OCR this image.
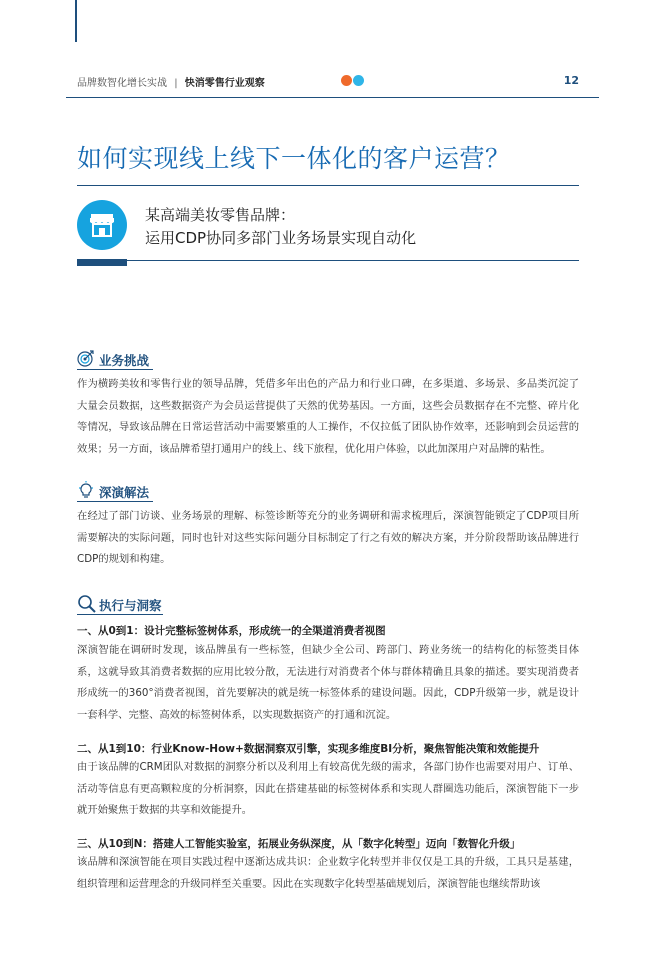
品牌数智化增长实战 | 快消零售行业观察	12
如何实现线上线下一体化的客户运营？
某高端美妆零售品牌：
运用CDP协同多部门业务场景实现自动化
业务挑战
作为横跨美妆和零售行业的领导品牌，凭借多年出色的产品力和行业口碑，在多渠道、多场景、多品类沉淀了大量会员数据，这些数据资产为会员运营提供了天然的优势基因。一方面，这些会员数据存在不完整、碎片化等情况，导致该品牌在日常运营活动中需要繁重的人工操作，不仅拉低了团队协作效率，还影响到会员运营的效果；另一方面，该品牌希望打通用户的线上、线下旅程，优化用户体验，以此加深用户对品牌的粘性。
深演解法
在经过了部门访谈、业务场景的理解、标签诊断等充分的业务调研和需求梳理后，深演智能锁定了CDP项目所需要解决的实际问题，同时也针对这些实际问题分目标制定了行之有效的解决方案，并分阶段帮助该品牌进行CDP的规划和构建。
执行与洞察
一、从0到1：设计完整标签树体系，形成统一的全渠道消费者视图
深演智能在调研时发现，该品牌虽有一些标签，但缺少全公司、跨部门、跨业务统一的结构化的标签类目体系，这就导致其消费者数据的应用比较分散，无法进行对消费者个体与群体精确且具象的描述。要实现消费者形成统一的360°消费者视图，首先要解决的就是统一标签体系的建设问题。因此，CDP升级第一步，就是设计一套科学、完整、高效的标签树体系，以实现数据资产的打通和沉淀。
二、从1到10：行业Know-How+数据洞察双引擎，实现多维度BI分析，聚焦智能决策和效能提升
由于该品牌的CRM团队对数据的洞察分析以及利用上有较高优先级的需求，各部门协作也需要对用户、订单、活动等信息有更高颗粒度的分析洞察，因此在搭建基础的标签树体系和实现人群圈选功能后，深演智能下一步就开始聚焦于数据的共享和效能提升。
三、从10到N：搭建人工智能实验室，拓展业务纵深度，从「数字化转型」迈向「数智化升级」
该品牌和深演智能在项目实践过程中逐渐达成共识：企业数字化转型并非仅仅是工具的升级，工具只是基建，组织管理和运营理念的升级同样至关重要。因此在实现数字化转型基础规划后，深演智能也继续帮助该
